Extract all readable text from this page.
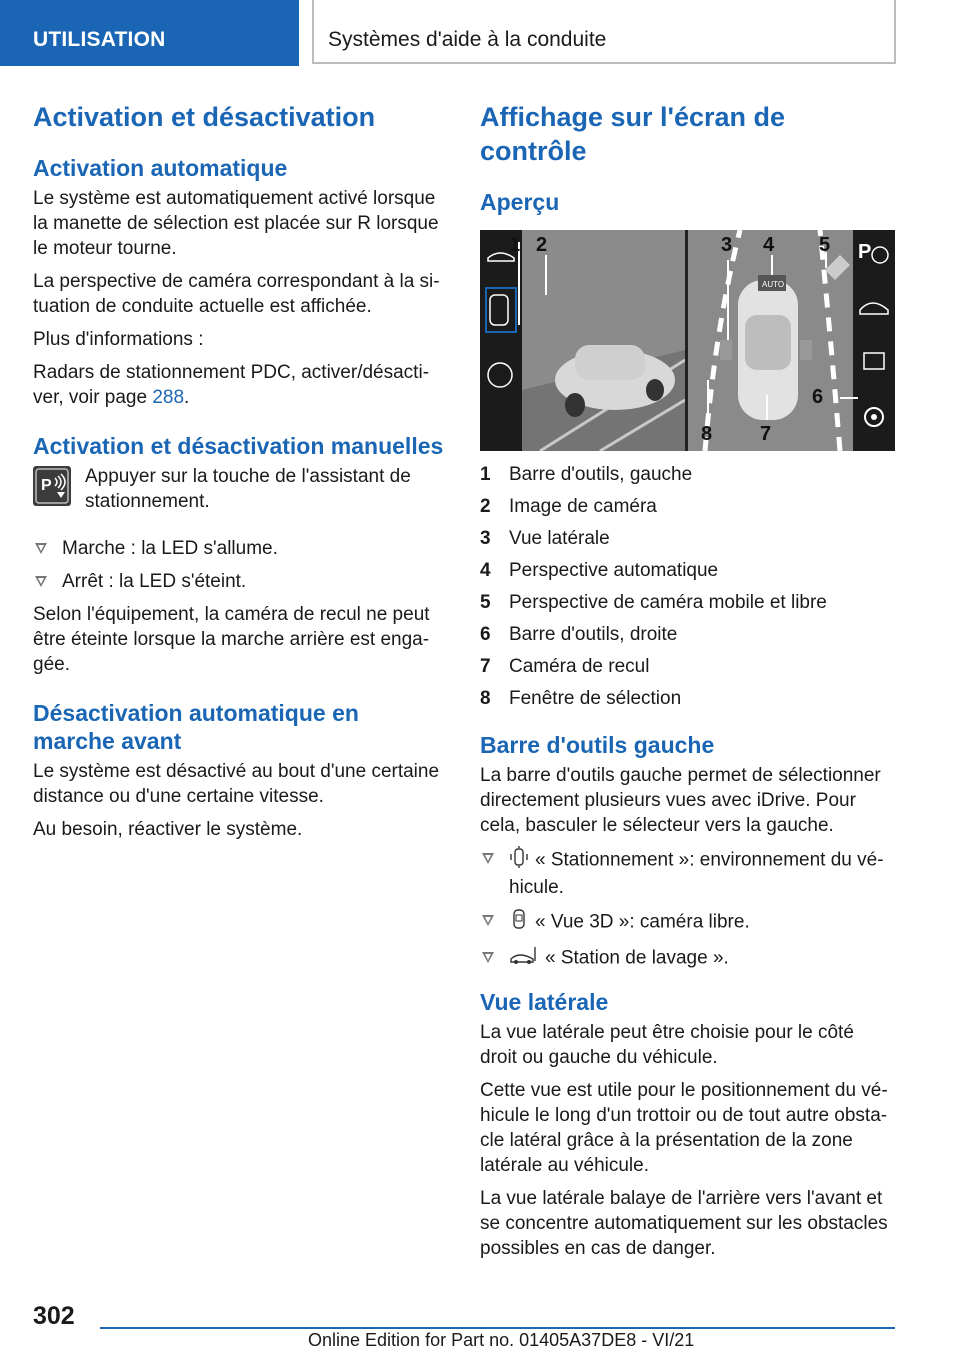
UTILISATION	Systèmes d'aide à la conduite
Activation et désactivation
Activation automatique

Le système est automatiquement activé lorsque la manette de sélection est placée sur R lorsque le moteur tourne.

La perspective de caméra correspondant à la situation de conduite actuelle est affichée.

Plus d'informations :

Radars de stationnement PDC, activer/désactiver, voir page 288.

Activation et désactivation manuelles
P Appuyer sur la touche de l'assistant de stationnement.

Marche : la LED s'allume.
Arrêt : la LED s'éteint.

Selon l'équipement, la caméra de recul ne peut être éteinte lorsque la marche arrière est engagée.

Désactivation automatique en marche avant

Le système est désactivé au bout d'une certaine distance ou d'une certaine vitesse.

Au besoin, réactiver le système.

Affichage sur l'écran de contrôle
Aperçu
AUTO
P
1 2	3 4 5
6
7
8
1 Barre d'outils, gauche
2 Image de caméra
3 Vue latérale
4 Perspective automatique
5 Perspective de caméra mobile et libre
6 Barre d'outils, droite
7 Caméra de recul
8 Fenêtre de sélection
Barre d'outils gauche

La barre d'outils gauche permet de sélectionner directement plusieurs vues avec iDrive. Pour cela, basculer le sélecteur vers la gauche.

« Stationnement »: environnement du véhicule.
« Vue 3D »: caméra libre.
« Station de lavage ».
Vue latérale

La vue latérale peut être choisie pour le côté droit ou gauche du véhicule.

Cette vue est utile pour le positionnement du véhicule le long d'un trottoir ou de tout autre obstacle latéral grâce à la présentation de la zone latérale au véhicule.

La vue latérale balaye de l'arrière vers l'avant et se concentre automatiquement sur les obstacles possibles en cas de danger.

302
Online Edition for Part no. 01405A37DE8 - VI/21
